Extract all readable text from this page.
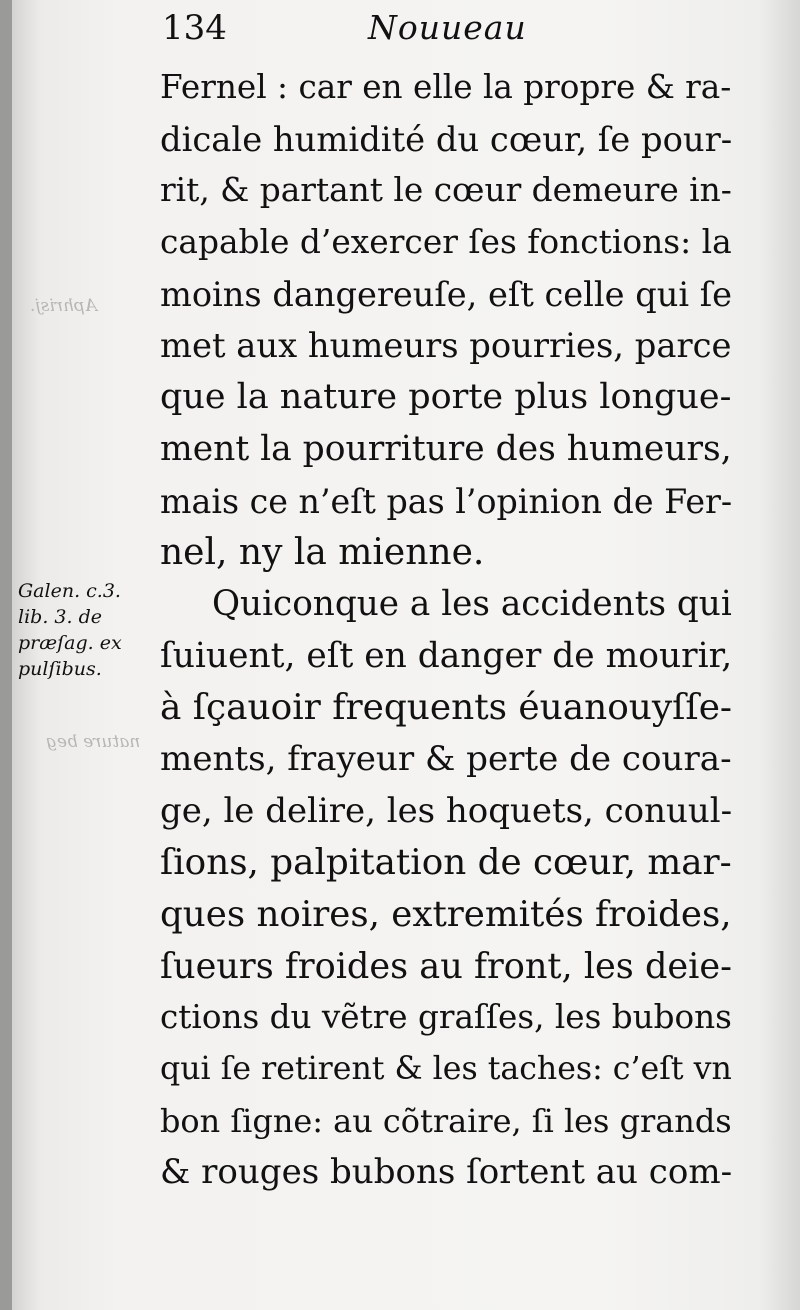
Aphrisj.
nature beg
134	Nouueau
Galen. c.3.
lib. 3. de
præſag. ex
pulſibus.
Fernel : car en elle la propre & ra-
dicale humidité du cœur, ſe pour-
rit, & partant le cœur demeure in-
capable d’exercer ſes fonctions: la
moins dangereuſe, eſt celle qui ſe
met aux humeurs pourries, parce
que la nature porte plus longue-
ment la pourriture des humeurs,
mais ce n’eſt pas l’opinion de Fer-
nel, ny la mienne.
Quiconque a les accidents qui
ſuiuent, eſt en danger de mourir,
à ſçauoir frequents éuanouyſſe-
ments, frayeur & perte de coura-
ge, le delire, les hoquets, conuul-
ſions, palpitation de cœur, mar-
ques noires, extremités froides,
ſueurs froides au front, les deie-
ctions du vẽtre graſſes, les bubons
qui ſe retirent & les taches: c’eſt vn
bon ſigne: au cõtraire, ſi les grands
& rouges bubons ſortent au com-
